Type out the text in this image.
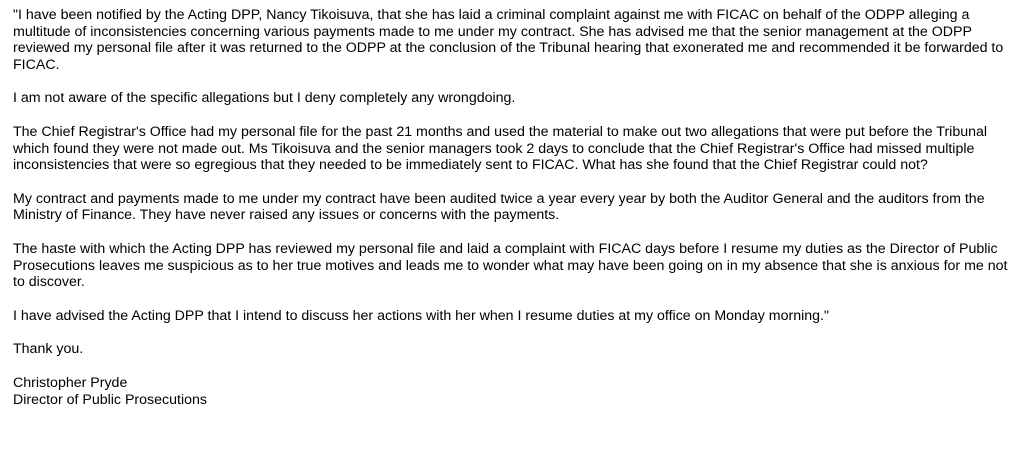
"I have been notified by the Acting DPP, Nancy Tikoisuva, that she has laid a criminal complaint against me with FICAC on behalf of the ODPP alleging a multitude of inconsistencies concerning various payments made to me under my contract. She has advised me that the senior management at the ODPP reviewed my personal file after it was returned to the ODPP at the conclusion of the Tribunal hearing that exonerated me and recommended it be forwarded to FICAC.

I am not aware of the specific allegations but I deny completely any wrongdoing.

The Chief Registrar's Office had my personal file for the past 21 months and used the material to make out two allegations that were put before the Tribunal which found they were not made out. Ms Tikoisuva and the senior managers took 2 days to conclude that the Chief Registrar's Office had missed multiple inconsistencies that were so egregious that they needed to be immediately sent to FICAC. What has she found that the Chief Registrar could not?

My contract and payments made to me under my contract have been audited twice a year every year by both the Auditor General and the auditors from the Ministry of Finance. They have never raised any issues or concerns with the payments.

The haste with which the Acting DPP has reviewed my personal file and laid a complaint with FICAC days before I resume my duties as the Director of Public Prosecutions leaves me suspicious as to her true motives and leads me to wonder what may have been going on in my absence that she is anxious for me not to discover.

I have advised the Acting DPP that I intend to discuss her actions with her when I resume duties at my office on Monday morning."

Thank you.

Christopher Pryde

Director of Public Prosecutions
